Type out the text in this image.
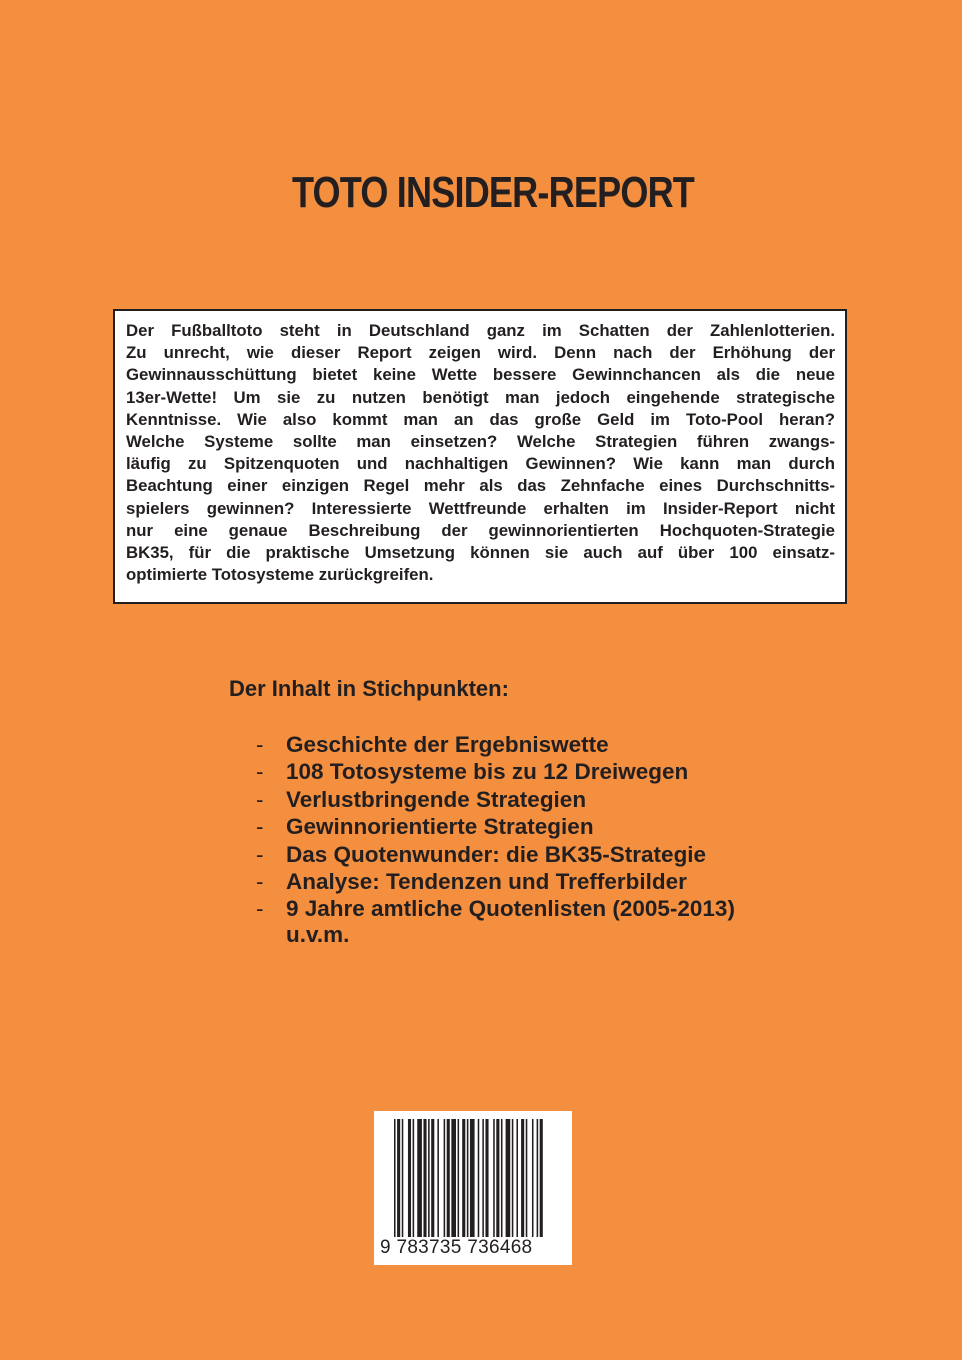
TOTO INSIDER-REPORT
Der Fußballtoto steht in Deutschland ganz im Schatten der Zahlenlotterien.
Zu unrecht, wie dieser Report zeigen wird. Denn nach der Erhöhung der
Gewinnausschüttung bietet keine Wette bessere Gewinnchancen als die neue
13er-Wette! Um sie zu nutzen benötigt man jedoch eingehende strategische
Kenntnisse. Wie also kommt man an das große Geld im Toto-Pool heran?
Welche Systeme sollte man einsetzen? Welche Strategien führen zwangs-
läufig zu Spitzenquoten und nachhaltigen Gewinnen? Wie kann man durch
Beachtung einer einzigen Regel mehr als das Zehnfache eines Durchschnitts-
spielers gewinnen? Interessierte Wettfreunde erhalten im Insider-Report nicht
nur eine genaue Beschreibung der gewinnorientierten Hochquoten-Strategie
BK35, für die praktische Umsetzung können sie auch auf über 100 einsatz-
optimierte Totosysteme zurückgreifen.
Der Inhalt in Stichpunkten:
- Geschichte der Ergebniswette
- 108 Totosysteme bis zu 12 Dreiwegen
- Verlustbringende Strategien
- Gewinnorientierte Strategien
- Das Quotenwunder: die BK35-Strategie
- Analyse: Tendenzen und Trefferbilder
- 9 Jahre amtliche Quotenlisten (2005-2013)
u.v.m.
9 783735 736468
